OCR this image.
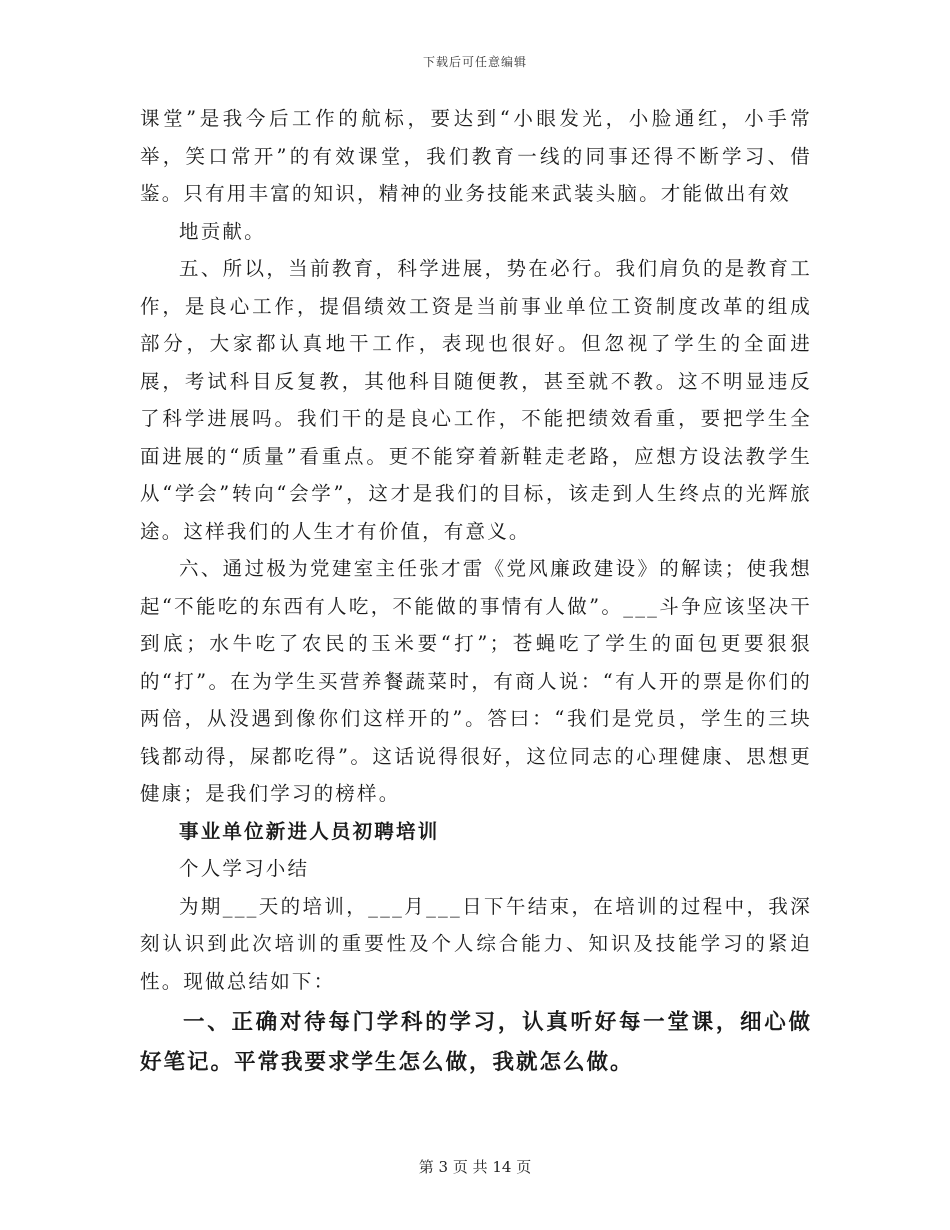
下载后可任意编辑

课堂”是我今后工作的航标，要达到“小眼发光，小脸通红，小手常举，笑口常开”的有效课堂，我们教育一线的同事还得不断学习、借鉴。只有用丰富的知识，精神的业务技能来武装头脑。才能做出有效

地贡献。

五、所以，当前教育，科学进展，势在必行。我们肩负的是教育工作，是良心工作，提倡绩效工资是当前事业单位工资制度改革的组成部分，大家都认真地干工作，表现也很好。但忽视了学生的全面进展，考试科目反复教，其他科目随便教，甚至就不教。这不明显违反了科学进展吗。我们干的是良心工作，不能把绩效看重，要把学生全面进展的“质量”看重点。更不能穿着新鞋走老路，应想方设法教学生从“学会”转向“会学”，这才是我们的目标，该走到人生终点的光辉旅途。这样我们的人生才有价值，有意义。

六、通过极为党建室主任张才雷《党风廉政建设》的解读；使我想起“不能吃的东西有人吃，不能做的事情有人做”。___斗争应该坚决干到底；水牛吃了农民的玉米要“打”；苍蝇吃了学生的面包更要狠狠的“打”。在为学生买营养餐蔬菜时，有商人说：“有人开的票是你们的两倍，从没遇到像你们这样开的”。答曰：“我们是党员，学生的三块钱都动得，屎都吃得”。这话说得很好，这位同志的心理健康、思想更健康；是我们学习的榜样。

事业单位新进人员初聘培训

个人学习小结

为期___天的培训，___月___日下午结束，在培训的过程中，我深刻认识到此次培训的重要性及个人综合能力、知识及技能学习的紧迫性。现做总结如下：

一、正确对待每门学科的学习，认真听好每一堂课，细心做好笔记。平常我要求学生怎么做，我就怎么做。

第 3 页 共 14 页
